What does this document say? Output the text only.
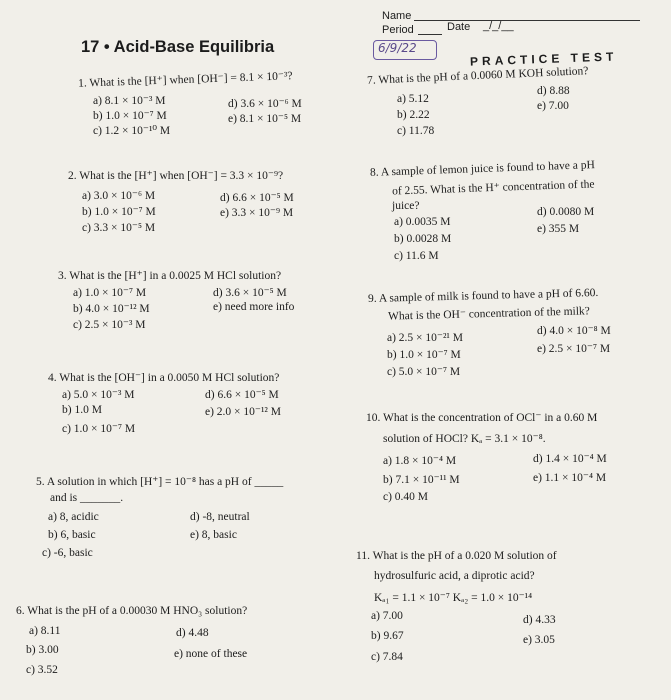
Name
Period	Date _/_/__
17 • Acid-Base Equilibria	6/9/22
PRACTICE TEST
1. What is the [H⁺] when [OH⁻] = 8.1 × 10⁻³?
a) 8.1 × 10⁻³ M
b) 1.0 × 10⁻⁷ M
c) 1.2 × 10⁻¹⁰ M
d) 3.6 × 10⁻⁶ M
e) 8.1 × 10⁻⁵ M
7. What is the pH of a 0.0060 M KOH solution?
a) 5.12
b) 2.22
c) 11.78
d) 8.88
e) 7.00
2. What is the [H⁺] when [OH⁻] = 3.3 × 10⁻⁹?
a) 3.0 × 10⁻⁶ M
b) 1.0 × 10⁻⁷ M
c) 3.3 × 10⁻⁵ M
d) 6.6 × 10⁻⁵ M
e) 3.3 × 10⁻⁹ M
8. A sample of lemon juice is found to have a pH
of 2.55. What is the H⁺ concentration of the
juice?
a) 0.0035 M
b) 0.0028 M
c) 11.6 M
d) 0.0080 M
e) 355 M
3. What is the [H⁺] in a 0.0025 M HCl solution?
a) 1.0 × 10⁻⁷ M
b) 4.0 × 10⁻¹² M
c) 2.5 × 10⁻³ M
d) 3.6 × 10⁻⁵ M
e) need more info
9. A sample of milk is found to have a pH of 6.60.
What is the OH⁻ concentration of the milk?
a) 2.5 × 10⁻²¹ M
b) 1.0 × 10⁻⁷ M
c) 5.0 × 10⁻⁷ M
d) 4.0 × 10⁻⁸ M
e) 2.5 × 10⁻⁷ M
4. What is the [OH⁻] in a 0.0050 M HCl solution?
a) 5.0 × 10⁻³ M
b) 1.0 M
c) 1.0 × 10⁻⁷ M
d) 6.6 × 10⁻⁵ M
e) 2.0 × 10⁻¹² M	10. What is the concentration of OCl⁻ in a 0.60 M
solution of HOCl? Kₐ = 3.1 × 10⁻⁸.
a) 1.8 × 10⁻⁴ M
b) 7.1 × 10⁻¹¹ M
c) 0.40 M
d) 1.4 × 10⁻⁴ M
e) 1.1 × 10⁻⁴ M
5. A solution in which [H⁺] = 10⁻⁸ has a pH of _____
and is _______.
a) 8, acidic
b) 6, basic
c) -6, basic
d) -8, neutral
e) 8, basic
11. What is the pH of a 0.020 M solution of
hydrosulfuric acid, a diprotic acid?
Kₐ₁ = 1.1 × 10⁻⁷ Kₐ₂ = 1.0 × 10⁻¹⁴
a) 7.00
b) 9.67
c) 7.84
d) 4.33
e) 3.05
6. What is the pH of a 0.00030 M HNO₃ solution?
a) 8.11
b) 3.00
c) 3.52
d) 4.48
e) none of these
